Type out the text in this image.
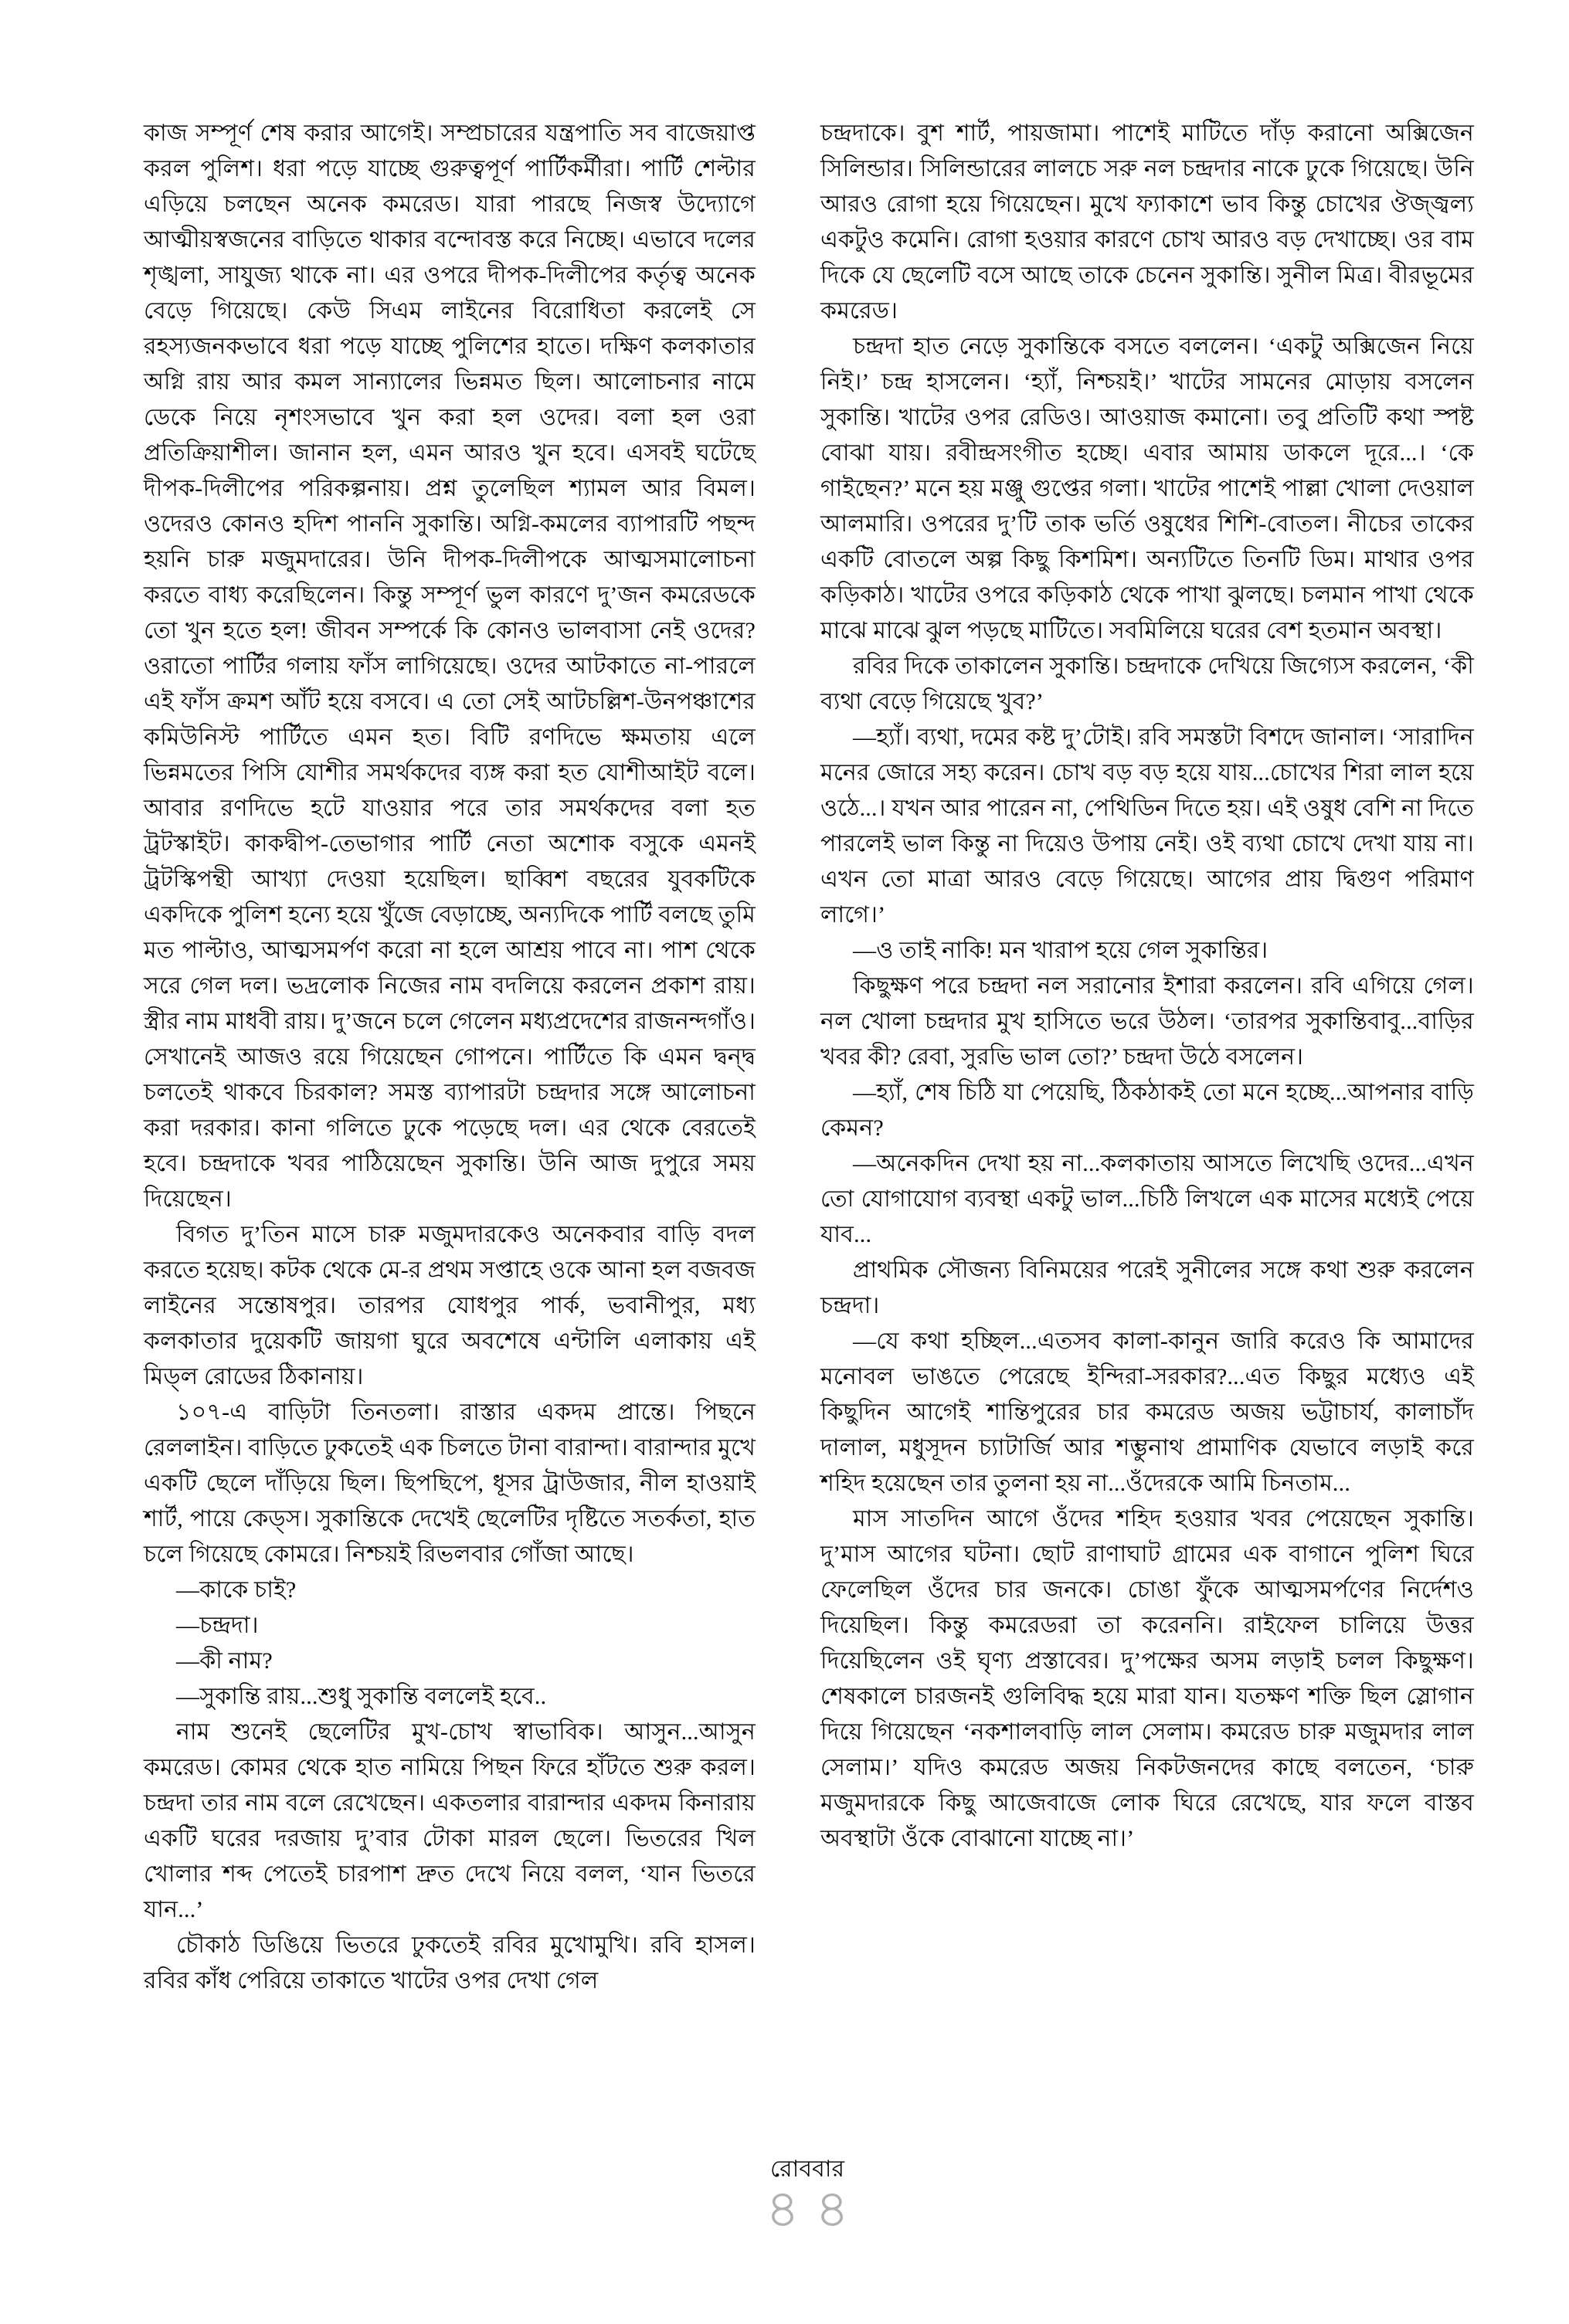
কাজ সম্পূর্ণ শেষ করার আগেই। সম্প্রচারের যন্ত্রপাতি সব বাজেয়াপ্ত করল পুলিশ। ধরা পড়ে যাচ্ছে গুরুত্বপূর্ণ পার্টিকর্মীরা। পার্টি শেল্টার এড়িয়ে চলছেন অনেক কমরেড। যারা পারছে নিজস্ব উদ্যোগে আত্মীয়স্বজনের বাড়িতে থাকার বন্দোবস্ত করে নিচ্ছে। এভাবে দলের শৃঙ্খলা, সাযুজ্য থাকে না। এর ওপরে দীপক-দিলীপের কর্তৃত্ব অনেক বেড়ে গিয়েছে। কেউ সিএম লাইনের বিরোধিতা করলেই সে রহস্যজনকভাবে ধরা পড়ে যাচ্ছে পুলিশের হাতে। দক্ষিণ কলকাতার অগ্নি রায় আর কমল সান্যালের ভিন্নমত ছিল। আলোচনার নামে ডেকে নিয়ে নৃশংসভাবে খুন করা হল ওদের। বলা হল ওরা প্রতিক্রিয়াশীল। জানান হল, এমন আরও খুন হবে। এসবই ঘটেছে দীপক-দিলীপের পরিকল্পনায়। প্রশ্ন তুলেছিল শ্যামল আর বিমল। ওদেরও কোনও হদিশ পাননি সুকান্তি। অগ্নি-কমলের ব্যাপারটি পছন্দ হয়নি চারু মজুমদারের। উনি দীপক-দিলীপকে আত্মসমালোচনা করতে বাধ্য করেছিলেন। কিন্তু সম্পূর্ণ ভুল কারণে দু’জন কমরেডকে তো খুন হতে হল! জীবন সম্পর্কে কি কোনও ভালবাসা নেই ওদের? ওরাতো পার্টির গলায় ফাঁস লাগিয়েছে। ওদের আটকাতে না-পারলে এই ফাঁস ক্রমশ আঁট হয়ে বসবে। এ তো সেই আটচল্লিশ-উনপঞ্চাশের কমিউনিস্ট পার্টিতে এমন হত। বিটি রণদিভে ক্ষমতায় এলে ভিন্নমতের পিসি যোশীর সমর্থকদের ব্যঙ্গ করা হত যোশীআইট বলে। আবার রণদিভে হটে যাওয়ার পরে তার সমর্থকদের বলা হত ট্রটস্কাইট। কাকদ্বীপ-তেভাগার পার্টি নেতা অশোক বসুকে এমনই ট্রটস্কিপন্থী আখ্যা দেওয়া হয়েছিল। ছাব্বিশ বছরের যুবকটিকে একদিকে পুলিশ হন্যে হয়ে খুঁজে বেড়াচ্ছে, অন্যদিকে পার্টি বলছে তুমি মত পাল্টাও, আত্মসমর্পণ করো না হলে আশ্রয় পাবে না। পাশ থেকে সরে গেল দল। ভদ্রলোক নিজের নাম বদলিয়ে করলেন প্রকাশ রায়। স্ত্রীর নাম মাধবী রায়। দু’জনে চলে গেলেন মধ্যপ্রদেশের রাজনন্দগাঁও। সেখানেই আজও রয়ে গিয়েছেন গোপনে। পার্টিতে কি এমন দ্বন্দ্ব চলতেই থাকবে চিরকাল? সমস্ত ব্যাপারটা চন্দ্রদার সঙ্গে আলোচনা করা দরকার। কানা গলিতে ঢুকে পড়েছে দল। এর থেকে বেরতেই হবে। চন্দ্রদাকে খবর পাঠিয়েছেন সুকান্তি। উনি আজ দুপুরে সময় দিয়েছেন।

বিগত দু’তিন মাসে চারু মজুমদারকেও অনেকবার বাড়ি বদল করতে হয়েছ। কটক থেকে মে-র প্রথম সপ্তাহে ওকে আনা হল বজবজ লাইনের সন্তোষপুর। তারপর যোধপুর পার্ক, ভবানীপুর, মধ্য কলকাতার দুয়েকটি জায়গা ঘুরে অবশেষে এন্টালি এলাকায় এই মিড্‌ল রোডের ঠিকানায়।

১০৭-এ বাড়িটা তিনতলা। রাস্তার একদম প্রান্তে। পিছনে রেললাইন। বাড়িতে ঢুকতেই এক চিলতে টানা বারান্দা। বারান্দার মুখে একটি ছেলে দাঁড়িয়ে ছিল। ছিপছিপে, ধূসর ট্রাউজার, নীল হাওয়াই শার্ট, পায়ে কেড্‌স। সুকান্তিকে দেখেই ছেলেটির দৃষ্টিতে সতর্কতা, হাত চলে গিয়েছে কোমরে। নিশ্চয়ই রিভলবার গোঁজা আছে।

—কাকে চাই?

—চন্দ্রদা।

—কী নাম?

—সুকান্তি রায়...শুধু সুকান্তি বললেই হবে..

নাম শুনেই ছেলেটির মুখ-চোখ স্বাভাবিক। আসুন...আসুন কমরেড। কোমর থেকে হাত নামিয়ে পিছন ফিরে হাঁটতে শুরু করল। চন্দ্রদা তার নাম বলে রেখেছেন। একতলার বারান্দার একদম কিনারায় একটি ঘরের দরজায় দু’বার টোকা মারল ছেলে। ভিতরের খিল খোলার শব্দ পেতেই চারপাশ দ্রুত দেখে নিয়ে বলল, ‘যান ভিতরে যান...’

চৌকাঠ ডিঙিয়ে ভিতরে ঢুকতেই রবির মুখোমুখি। রবি হাসল। রবির কাঁধ পেরিয়ে তাকাতে খাটের ওপর দেখা গেল

চন্দ্রদাকে। বুশ শার্ট, পায়জামা। পাশেই মাটিতে দাঁড় করানো অক্সিজেন সিলিন্ডার। সিলিন্ডারের লালচে সরু নল চন্দ্রদার নাকে ঢুকে গিয়েছে। উনি আরও রোগা হয়ে গিয়েছেন। মুখে ফ্যাকাশে ভাব কিন্তু চোখের ঔজ্জ্বল্য একটুও কমেনি। রোগা হওয়ার কারণে চোখ আরও বড় দেখাচ্ছে। ওর বাম দিকে যে ছেলেটি বসে আছে তাকে চেনেন সুকান্তি। সুনীল মিত্র। বীরভূমের কমরেড।

চন্দ্রদা হাত নেড়ে সুকান্তিকে বসতে বললেন। ‘একটু অক্সিজেন নিয়ে নিই।’ চন্দ্র হাসলেন। ‘হ্যাঁ, নিশ্চয়ই।’ খাটের সামনের মোড়ায় বসলেন সুকান্তি। খাটের ওপর রেডিও। আওয়াজ কমানো। তবু প্রতিটি কথা স্পষ্ট বোঝা যায়। রবীন্দ্রসংগীত হচ্ছে। এবার আমায় ডাকলে দূরে...। ‘কে গাইছেন?’ মনে হয় মঞ্জু গুপ্তের গলা। খাটের পাশেই পাল্লা খোলা দেওয়াল আলমারি। ওপরের দু’টি তাক ভর্তি ওষুধের শিশি-বোতল। নীচের তাকের একটি বোতলে অল্প কিছু কিশমিশ। অন্যটিতে তিনটি ডিম। মাথার ওপর কড়িকাঠ। খাটের ওপরে কড়িকাঠ থেকে পাখা ঝুলছে। চলমান পাখা থেকে মাঝে মাঝে ঝুল পড়ছে মাটিতে। সবমিলিয়ে ঘরের বেশ হতমান অবস্থা।

রবির দিকে তাকালেন সুকান্তি। চন্দ্রদাকে দেখিয়ে জিগ্যেস করলেন, ‘কী ব্যথা বেড়ে গিয়েছে খুব?’

—হ্যাঁ। ব্যথা, দমের কষ্ট দু’টোই। রবি সমস্তটা বিশদে জানাল। ‘সারাদিন মনের জোরে সহ্য করেন। চোখ বড় বড় হয়ে যায়...চোখের শিরা লাল হয়ে ওঠে...। যখন আর পারেন না, পেথিডিন দিতে হয়। এই ওষুধ বেশি না দিতে পারলেই ভাল কিন্তু না দিয়েও উপায় নেই। ওই ব্যথা চোখে দেখা যায় না। এখন তো মাত্রা আরও বেড়ে গিয়েছে। আগের প্রায় দ্বিগুণ পরিমাণ লাগে।’

—ও তাই নাকি! মন খারাপ হয়ে গেল সুকান্তির।

কিছুক্ষণ পরে চন্দ্রদা নল সরানোর ইশারা করলেন। রবি এগিয়ে গেল। নল খোলা চন্দ্রদার মুখ হাসিতে ভরে উঠল। ‘তারপর সুকান্তিবাবু...বাড়ির খবর কী? রেবা, সুরভি ভাল তো?’ চন্দ্রদা উঠে বসলেন।

—হ্যাঁ, শেষ চিঠি যা পেয়েছি, ঠিকঠাকই তো মনে হচ্ছে...আপনার বাড়ি কেমন?

—অনেকদিন দেখা হয় না...কলকাতায় আসতে লিখেছি ওদের...এখন তো যোগাযোগ ব্যবস্থা একটু ভাল...চিঠি লিখলে এক মাসের মধ্যেই পেয়ে যাব...

প্রাথমিক সৌজন্য বিনিময়ের পরেই সুনীলের সঙ্গে কথা শুরু করলেন চন্দ্রদা।

—যে কথা হচ্ছিল...এতসব কালা-কানুন জারি করেও কি আমাদের মনোবল ভাঙতে পেরেছে ইন্দিরা-সরকার?...এত কিছুর মধ্যেও এই কিছুদিন আগেই শান্তিপুরের চার কমরেড অজয় ভট্টাচার্য, কালাচাঁদ দালাল, মধুসূদন চ্যাটার্জি আর শম্ভুনাথ প্রামাণিক যেভাবে লড়াই করে শহিদ হয়েছেন তার তুলনা হয় না...ওঁদেরকে আমি চিনতাম...

মাস সাতদিন আগে ওঁদের শহিদ হওয়ার খবর পেয়েছেন সুকান্তি। দু’মাস আগের ঘটনা। ছোট রাণাঘাট গ্রামের এক বাগানে পুলিশ ঘিরে ফেলেছিল ওঁদের চার জনকে। চোঙা ফুঁকে আত্মসমর্পণের নির্দেশও দিয়েছিল। কিন্তু কমরেডরা তা করেননি। রাইফেল চালিয়ে উত্তর দিয়েছিলেন ওই ঘৃণ্য প্রস্তাবের। দু’পক্ষের অসম লড়াই চলল কিছুক্ষণ। শেষকালে চারজনই গুলিবিদ্ধ হয়ে মারা যান। যতক্ষণ শক্তি ছিল স্লোগান দিয়ে গিয়েছেন ‘নকশালবাড়ি লাল সেলাম। কমরেড চারু মজুমদার লাল সেলাম।’ যদিও কমরেড অজয় নিকটজনদের কাছে বলতেন, ‘চারু মজুমদারকে কিছু আজেবাজে লোক ঘিরে রেখেছে, যার ফলে বাস্তব অবস্থাটা ওঁকে বোঝানো যাচ্ছে না।’

রোববার
৪৪
